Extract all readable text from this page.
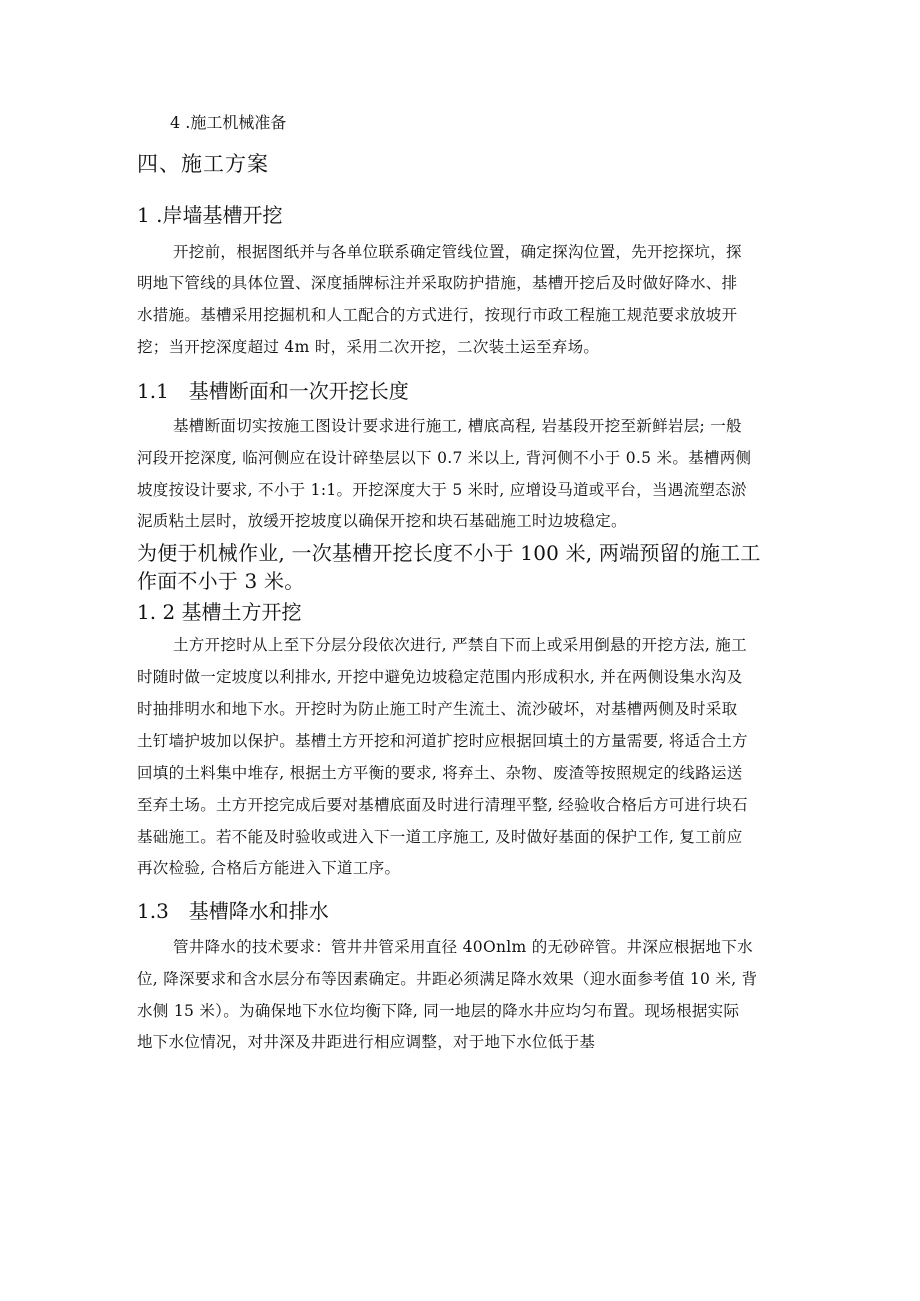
4 .施工机械准备

四、施工方案

1 .岸墙基槽开挖

开挖前，根据图纸并与各单位联系确定管线位置，确定探沟位置，先开挖探坑，探

明地下管线的具体位置、深度插牌标注并采取防护措施，基槽开挖后及时做好降水、排

水措施。基槽采用挖掘机和人工配合的方式进行，按现行市政工程施工规范要求放坡开

挖；当开挖深度超过 4m 时，采用二次开挖，二次装土运至弃场。

1.1　基槽断面和一次开挖长度

基槽断面切实按施工图设计要求进行施工, 槽底高程, 岩基段开挖至新鲜岩层; 一般

河段开挖深度, 临河侧应在设计碎垫层以下 0.7 米以上, 背河侧不小于 0.5 米。基槽两侧

坡度按设计要求, 不小于 1:1。开挖深度大于 5 米时, 应增设马道或平台，当遇流塑态淤

泥质粘土层时，放缓开挖坡度以确保开挖和块石基础施工时边坡稳定。

为便于机械作业, 一次基槽开挖长度不小于 100 米, 两端预留的施工工

作面不小于 3 米。

1. 2 基槽土方开挖

土方开挖时从上至下分层分段依次进行, 严禁自下而上或采用倒悬的开挖方法, 施工

时随时做一定坡度以利排水, 开挖中避免边坡稳定范围内形成积水, 并在两侧设集水沟及

时抽排明水和地下水。开挖时为防止施工时产生流土、流沙破坏，对基槽两侧及时采取

土钉墙护坡加以保护。基槽土方开挖和河道扩挖时应根据回填土的方量需要, 将适合土方

回填的土料集中堆存, 根据土方平衡的要求, 将弃土、杂物、废渣等按照规定的线路运送

至弃土场。土方开挖完成后要对基槽底面及时进行清理平整, 经验收合格后方可进行块石

基础施工。若不能及时验收或进入下一道工序施工, 及时做好基面的保护工作, 复工前应

再次检验, 合格后方能进入下道工序。

1.3　基槽降水和排水

管井降水的技术要求：管井井管采用直径 40Onlm 的无砂碎管。井深应根据地下水

位, 降深要求和含水层分布等因素确定。井距必须满足降水效果（迎水面参考值 10 米, 背

水侧 15 米）。为确保地下水位均衡下降, 同一地层的降水井应均匀布置。现场根据实际

地下水位情况，对井深及井距进行相应调整，对于地下水位低于基
